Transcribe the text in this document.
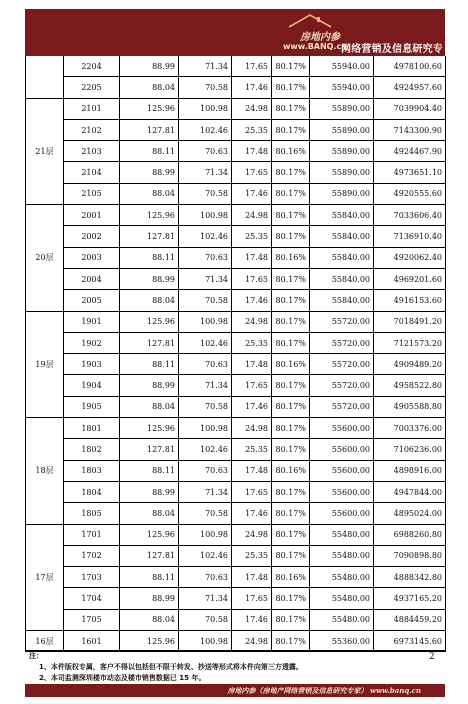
房地内参
www.BANQ.cn
网络营销及信息研究专
	2204	88.99	71.34	17.65	80.17%	55940.00	4978100.60
	2205	88.04	70.58	17.46	80.17%	55940.00	4924957.60
21层	2101	125.96	100.98	24.98	80.17%	55890.00	7039904.40
	2102	127.81	102.46	25.35	80.17%	55890.00	7143300.90
	2103	88.11	70.63	17.48	80.16%	55890.00	4924467.90
	2104	88.99	71.34	17.65	80.17%	55890.00	4973651.10
	2105	88.04	70.58	17.46	80.17%	55890.00	4920555.60
20层	2001	125.96	100.98	24.98	80.17%	55840.00	7033606.40
	2002	127.81	102.46	25.35	80.17%	55840.00	7136910.40
	2003	88.11	70.63	17.48	80.16%	55840.00	4920062.40
	2004	88.99	71.34	17.65	80.17%	55840.00	4969201.60
	2005	88.04	70.58	17.46	80.17%	55840.00	4916153.60
19层	1901	125.96	100.98	24.98	80.17%	55720.00	7018491.20
	1902	127.81	102.46	25.35	80.17%	55720.00	7121573.20
	1903	88.11	70.63	17.48	80.16%	55720.00	4909489.20
	1904	88.99	71.34	17.65	80.17%	55720.00	4958522.80
	1905	88.04	70.58	17.46	80.17%	55720.00	4905588.80
18层	1801	125.96	100.98	24.98	80.17%	55600.00	7003376.00
	1802	127.81	102.46	25.35	80.17%	55600.00	7106236.00
	1803	88.11	70.63	17.48	80.16%	55600.00	4898916.00
	1804	88.99	71.34	17.65	80.17%	55600.00	4947844.00
	1805	88.04	70.58	17.46	80.17%	55600.00	4895024.00
17层	1701	125.96	100.98	24.98	80.17%	55480.00	6988260.80
	1702	127.81	102.46	25.35	80.17%	55480.00	7090898.80
	1703	88.11	70.63	17.48	80.16%	55480.00	4888342.80
	1704	88.99	71.34	17.65	80.17%	55480.00	4937165.20
	1705	88.04	70.58	17.46	80.17%	55480.00	4884459.20
16层	1601	125.96	100.98	24.98	80.17%	55360.00	6973145.60
注：
1、本件版权专属，客户不得以包括但不限于转发、抄送等形式将本件向第三方透露。
2、本司监测深圳楼市动态及楼市销售数据已 15 年。
2
房地内参（房地产网络营销及信息研究专家） www.banq.cn
